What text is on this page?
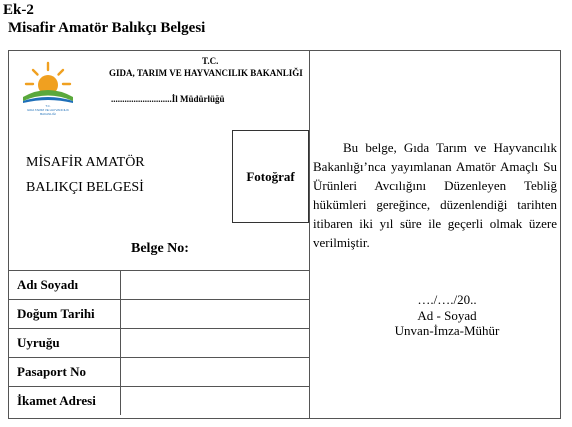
Ek-2
Misafir Amatör Balıkçı Belgesi
T.C.
GIDA TARIM VE HAYVANCILIK
BAKANLIĞI
T.C.
GIDA, TARIM VE HAYVANCILIK BAKANLIĞI
...........................İl Müdürlüğü
MİSAFİR AMATÖR
BALIKÇI BELGESİ
Fotoğraf
Belge No:
Adı Soyadı	
Doğum Tarihi	
Uyruğu	
Pasaport No	
İkamet Adresi	

Bu belge, Gıda Tarım ve Hayvancılık Bakanlığı’nca yayımlanan Amatör Amaçlı Su Ürünleri Avcılığını Düzenleyen Tebliğ hükümleri gereğince, düzenlendiği tarihten itibaren iki yıl süre ile geçerli olmak üzere verilmiştir.

…./…./20..
Ad - Soyad
Unvan-İmza-Mühür
